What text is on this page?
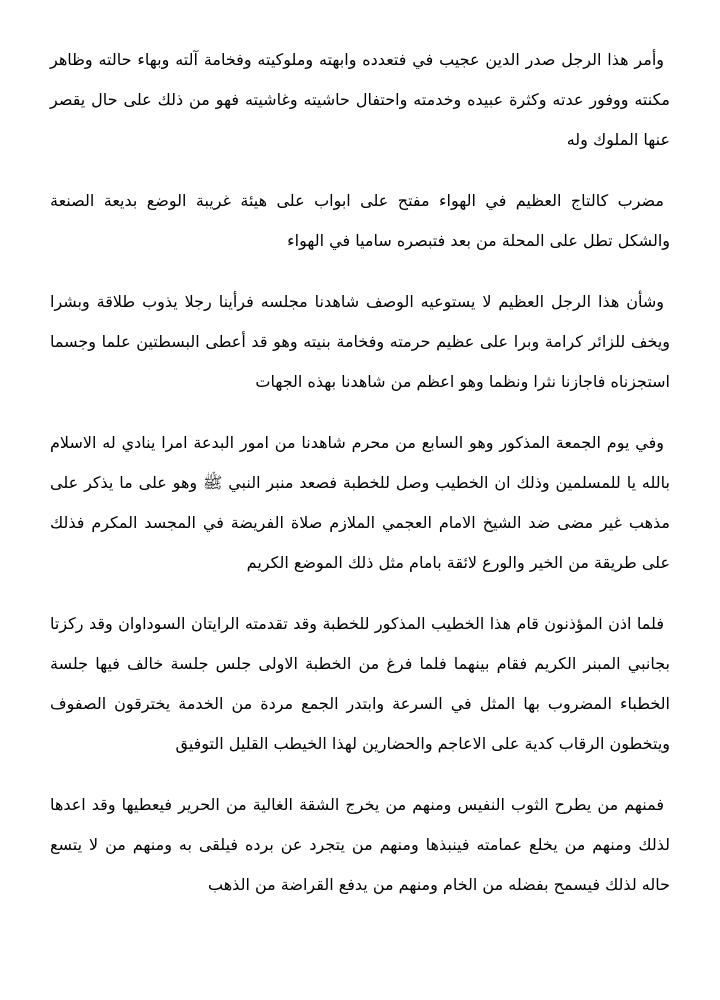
وأمر هذا الرجل صدر الدين عجيب في فتعدده وابهته وملوكيته وفخامة آلته وبهاء حالته وظاهر مكنته ووفور عدته وكثرة عبيده وخدمته واحتفال حاشيته وغاشيته فهو من ذلك على حال يقصر عنها الملوك وله

مضرب كالتاج العظيم في الهواء مفتح على ابواب على هيئة غريبة الوضع بديعة الصنعة والشكل تطل على المحلة من بعد فتبصره ساميا في الهواء

وشأن هذا الرجل العظيم لا يستوعيه الوصف شاهدنا مجلسه فرأينا رجلا يذوب طلاقة وبشرا ويخف للزائر كرامة وبرا على عظيم حرمته وفخامة بنيته وهو قد أعطى البسطتين علما وجسما استجزناه فاجازنا نثرا ونظما وهو اعظم من شاهدنا بهذه الجهات

وفي يوم الجمعة المذكور وهو السابع من محرم شاهدنا من امور البدعة امرا ينادي له الاسلام بالله يا للمسلمين وذلك ان الخطيب وصل للخطبة فصعد منبر النبي ﷺ وهو على ما يذكر على مذهب غير مضى ضد الشيخ الامام العجمي الملازم صلاة الفريضة في المجسد المكرم فذلك على طريقة من الخير والورع لائقة بامام مثل ذلك الموضع الكريم

فلما اذن المؤذنون قام هذا الخطيب المذكور للخطبة وقد تقدمته الرايتان السوداوان وقد ركزتا بجانبي المبنر الكريم فقام بينهما فلما فرغ من الخطبة الاولى جلس جلسة خالف فيها جلسة الخطباء المضروب بها المثل في السرعة وابتدر الجمع مردة من الخدمة يخترقون الصفوف ويتخطون الرقاب كدية على الاعاجم والحضارين لهذا الخيطب القليل التوفيق

فمنهم من يطرح الثوب النفيس ومنهم من يخرج الشقة الغالية من الحرير فيعطيها وقد اعدها لذلك ومنهم من يخلع عمامته فينبذها ومنهم من يتجرد عن برده فيلقى به ومنهم من لا يتسع حاله لذلك فيسمح بفضله من الخام ومنهم من يدفع القراضة من الذهب
